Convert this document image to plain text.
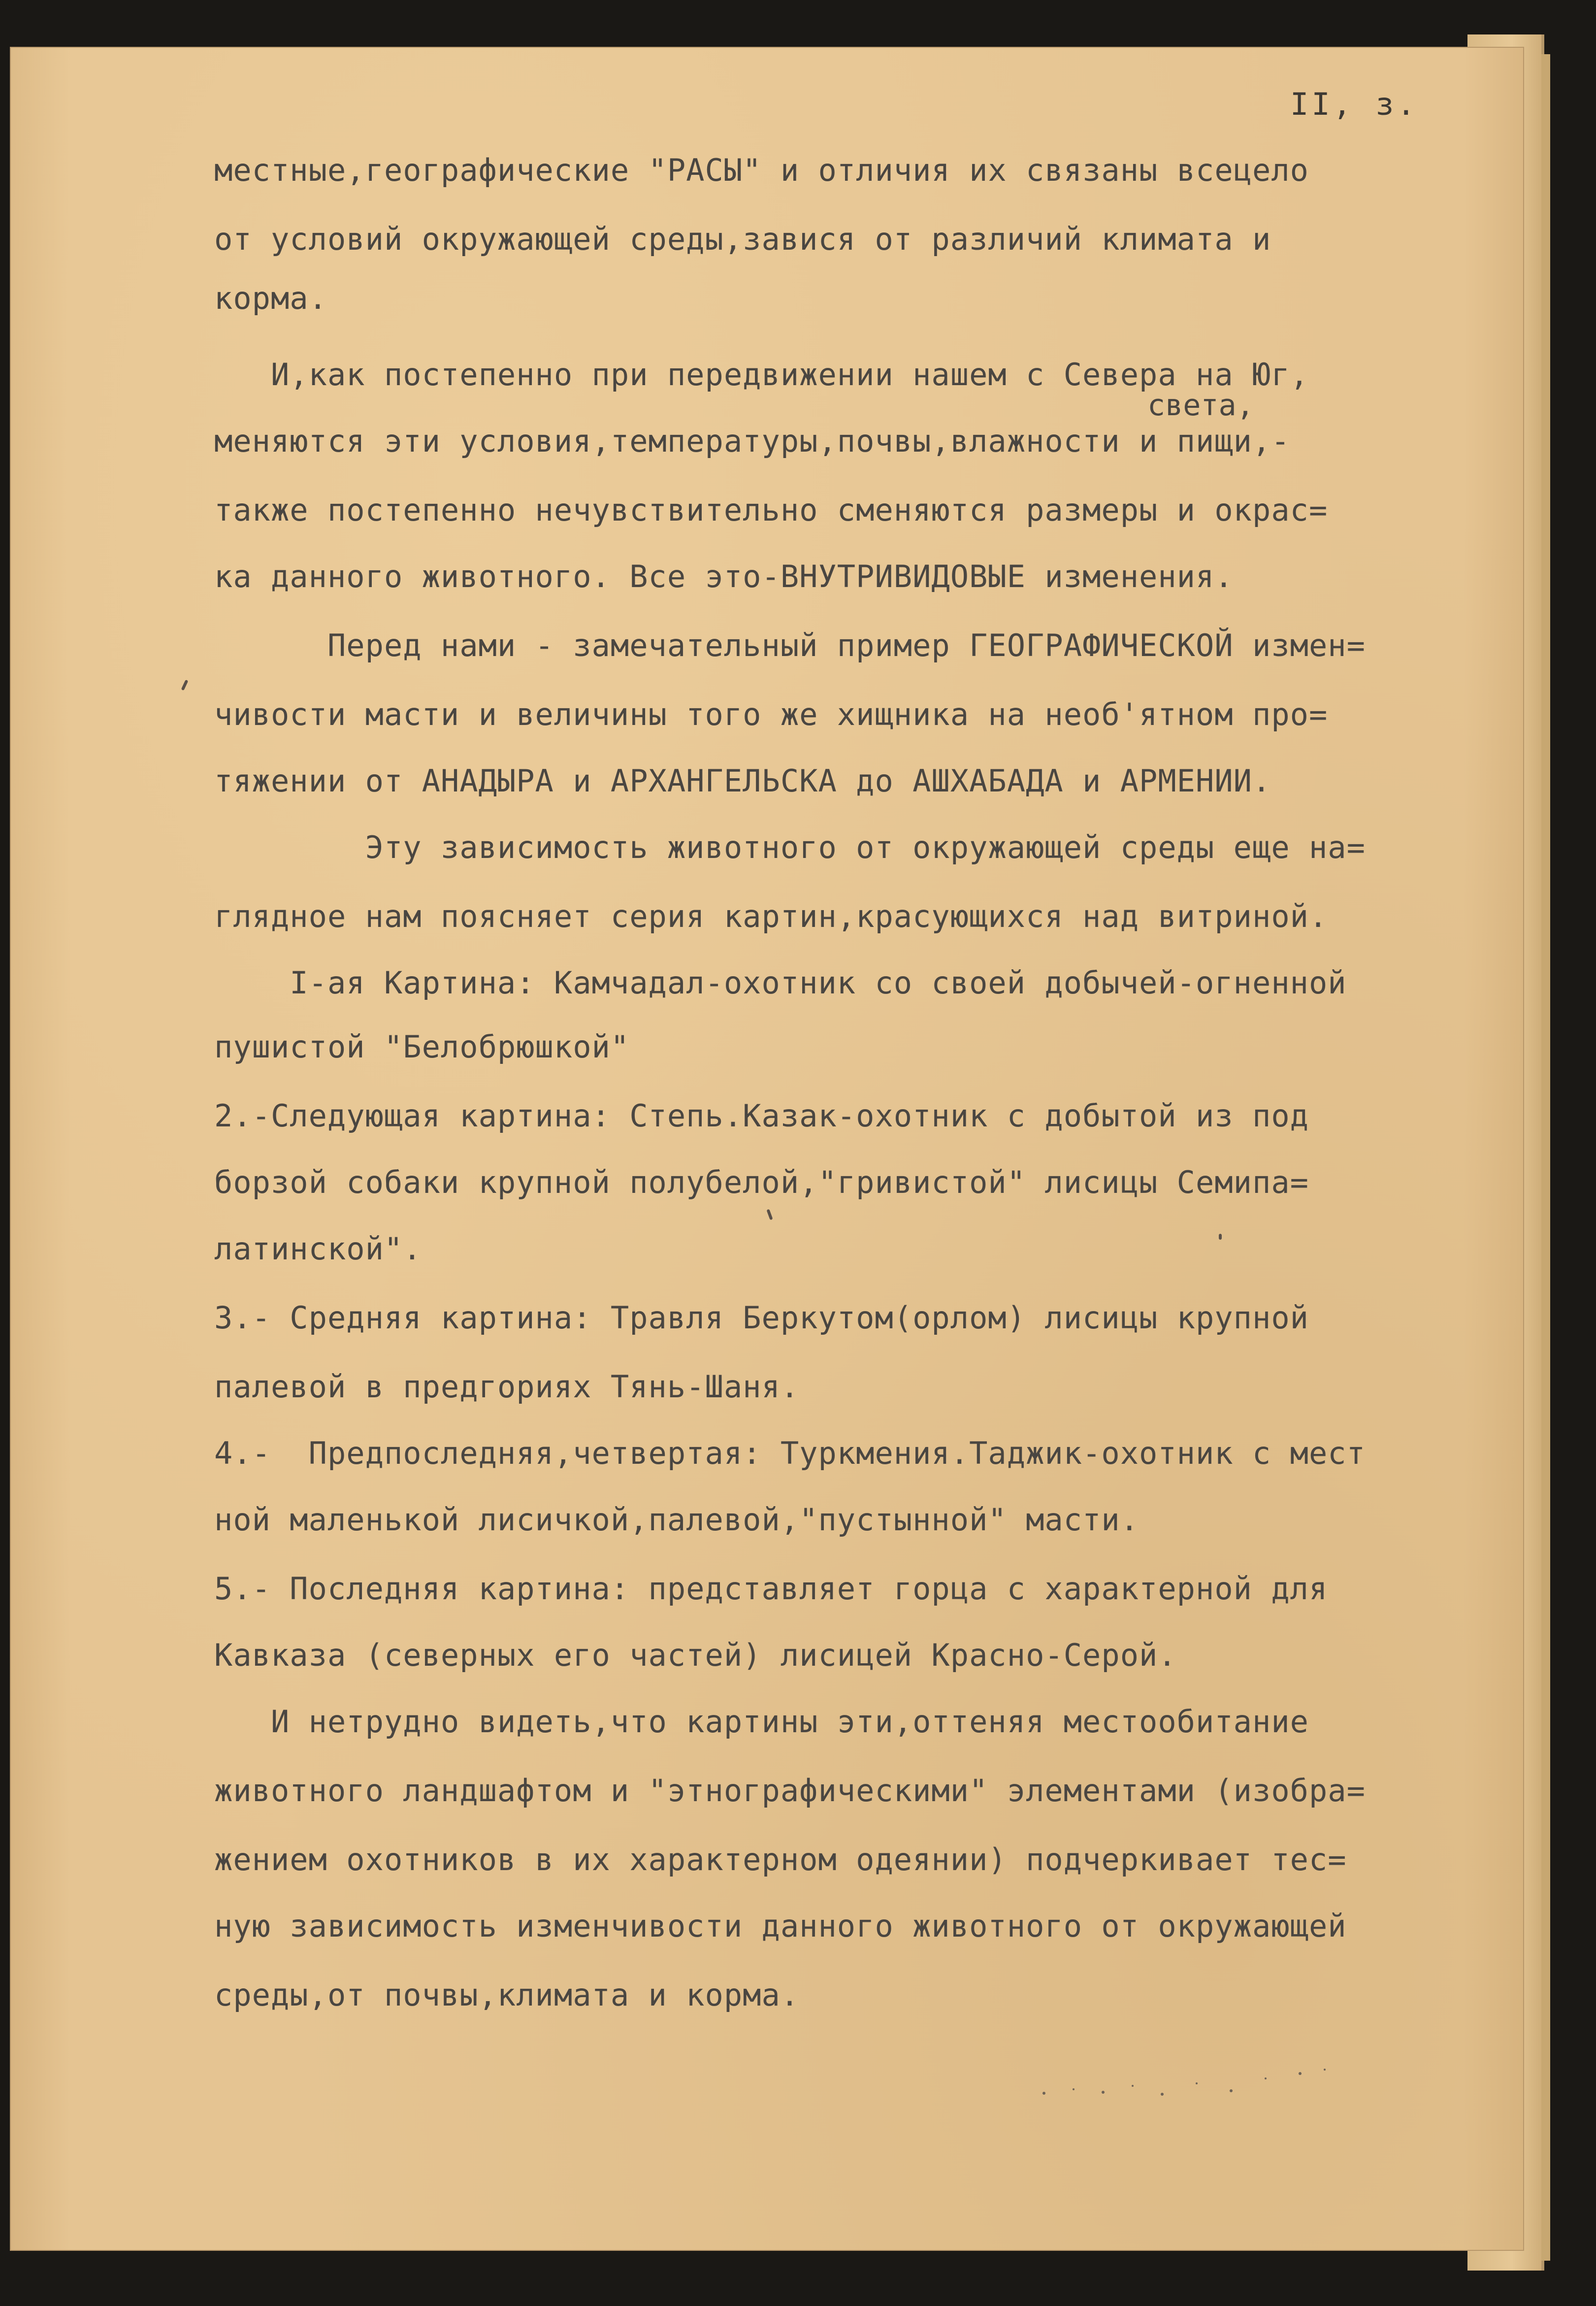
II, з.
света,
местные,географические "РАСЫ" и отличия их связаны всецело
от условий окружающей среды,завися от различий климата и
корма.
И,как постепенно при передвижении нашем с Севера на Юг,
меняются эти условия,температуры,почвы,влажности и пищи,-
также постепенно нечувствительно сменяются размеры и окрас=
ка данного животного. Все это-ВНУТРИВИДОВЫЕ изменения.
Перед нами - замечательный пример ГЕОГРАФИЧЕСКОЙ измен=
чивости масти и величины того же хищника на необ'ятном про=
тяжении от АНАДЫРА и АРХАНГЕЛЬСКА до АШХАБАДА и АРМЕНИИ.
Эту зависимость животного от окружающей среды еще на=
глядное нам поясняет серия картин,красующихся над витриной.
I-ая Картина: Камчадал-охотник со своей добычей-огненной
пушистой "Белобрюшкой"
2.-Следующая картина: Степь.Казак-охотник с добытой из под
борзой собаки крупной полубелой,"гривистой" лисицы Семипа=
латинской".
3.- Средняя картина: Травля Беркутом(орлом) лисицы крупной
палевой в предгориях Тянь-Шаня.
4.-  Предпоследняя,четвертая: Туркмения.Таджик-охотник с мест
ной маленькой лисичкой,палевой,"пустынной" масти.
5.- Последняя картина: представляет горца с характерной для
Кавказа (северных его частей) лисицей Красно-Серой.
И нетрудно видеть,что картины эти,оттеняя местообитание
животного ландшафтом и "этнографическими" элементами (изобра=
жением охотников в их характерном одеянии) подчеркивает тес=
ную зависимость изменчивости данного животного от окружающей
среды,от почвы,климата и корма.
